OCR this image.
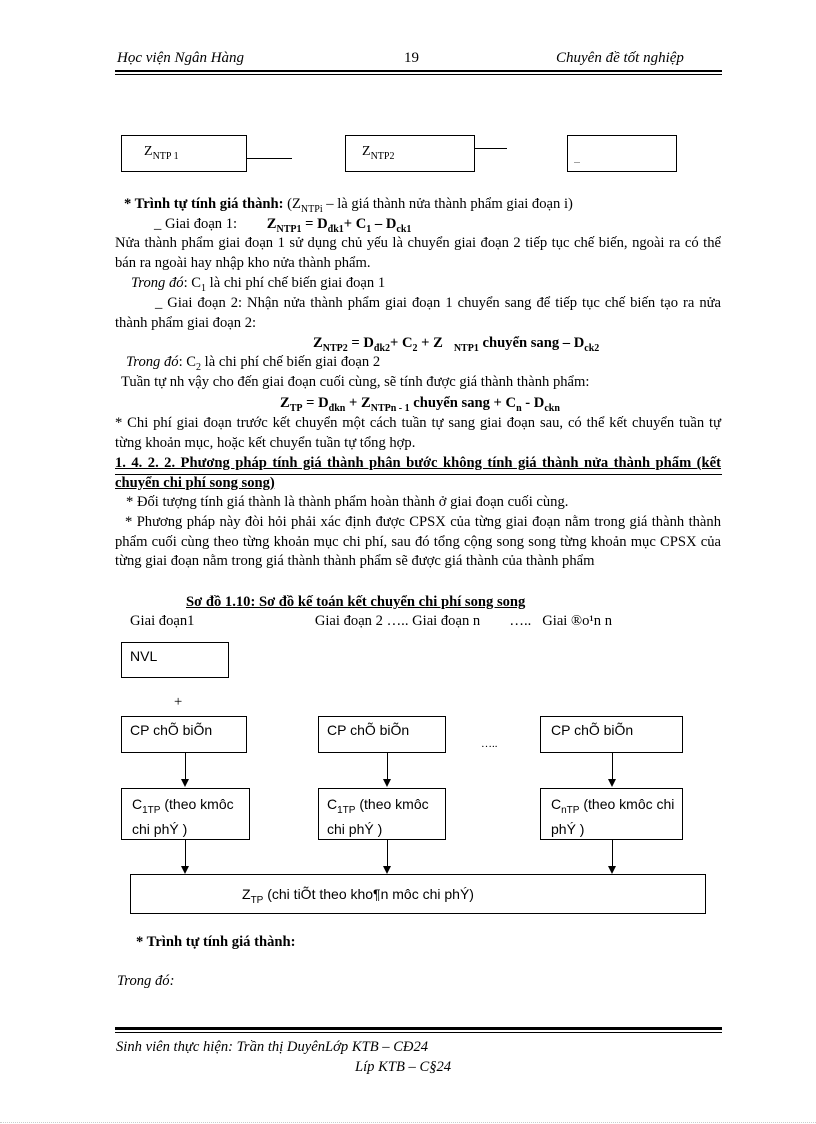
Học viện Ngân Hàng	19	Chuyên đề tốt nghiệp
$Z_{NTP 1}$	$Z_{NTP2}$	...
* Trình tự tính giá thành: ($Z_{NTPi}$ – là giá thành nửa thành phẩm giai đoạn i)
_ Giai đoạn 1: $Z_{NTP1} = D_{đk1}+ C_1 - D_{ck1}$
Nửa thành phẩm giai đoạn 1 sử dụng chủ yếu là chuyển giai đoạn 2 tiếp tục chế biến, ngoài ra có thể bán ra ngoài hay nhập kho nửa thành phẩm.
Trong đó: $C_1$ là chi phí chế biến giai đoạn 1
_ Giai đoạn 2: Nhận nửa thành phẩm giai đoạn 1 chuyển sang để tiếp tục chế biến tạo ra nửa thành phẩm giai đoạn 2:
$Z_{NTP2} = D_{đk2}+ C_2 + Z$   $_{NTP1}$ chuyển sang – $D_{ck2}$
Trong đó: $C_2$ là chi phí chế biến giai đoạn 2
Tuần tự nh vậy cho đến giai đoạn cuối cùng, sẽ tính được giá thành thành phẩm:
$Z_{TP} = D_{đkn} + Z_{NTPn - 1}$ chuyển sang + $C_n - D_{ckn}$
* Chi phí giai đoạn trước kết chuyển một cách tuần tự sang giai đoạn sau, có thể kết chuyển tuần tự từng khoản mục, hoặc kết chuyển tuần tự tổng hợp.
1. 4. 2. 2. Phương pháp tính giá thành phân bước không tính giá thành nửa thành phẩm (kết chuyển chi phí song song)
* Đối tượng tính giá thành là thành phẩm hoàn thành ở giai đoạn cuối cùng.
* Phương pháp này đòi hỏi phải xác định được CPSX của từng giai đoạn nằm trong giá thành thành phẩm cuối cùng theo từng khoản mục chi phí, sau đó tổng cộng song song từng khoản mục CPSX của từng giai đoạn nằm trong giá thành thành phẩm sẽ được giá thành của thành phẩm
Sơ đồ 1.10: Sơ đồ kế toán kết chuyển chi phí song song
Giai đoạn1                                 Giai đoạn 2 ….. Giai đoạn n        …..   Giai ®o¹n n
NVL
+
CP chÕ biÕn	CP chÕ biÕn
…..
CP chÕ biÕn
$C_{1TP}$ (theo kmôc chi phÝ )
$C_{1TP}$ (theo kmôc chi phÝ )
$C_{nTP}$ (theo kmôc chi phÝ )
$Z_{TP}$ (chi tiÕt theo kho¶n môc chi phÝ)
* Trình tự tính giá thành:
Trong đó:
Sinh viên thực hiện: Trần thị DuyênLớp KTB – CĐ24
Líp KTB – C§24
